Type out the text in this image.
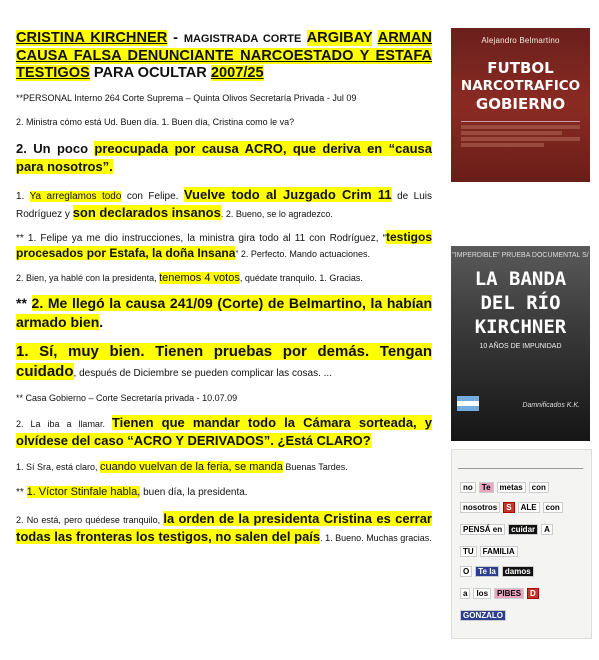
CRISTINA KIRCHNER - MAGISTRADA CORTE ARGIBAY ARMAN CAUSA FALSA DENUNCIANTE NARCOESTADO Y ESTAFA TESTIGOS PARA OCULTAR 2007/25

**PERSONAL Interno 264 Corte Suprema – Quinta Olivos Secretaría Privada - Jul 09

2. Ministra cómo está Ud. Buen día. 1. Buen día, Cristina como le va?

2. Un poco preocupada por causa ACRO, que deriva en “causa para nosotros”.

1. Ya arreglamos todo con Felipe. Vuelve todo al Juzgado Crim 11 de Luis Rodríguez y son declarados insanos. 2. Bueno, se lo agradezco.

** 1. Felipe ya me dio instrucciones, la ministra gira todo al 11 con Rodríguez, “testigos procesados por Estafa, la doña Insana” 2. Perfecto. Mando actuaciones.

2. Bien, ya hablé con la presidenta, tenemos 4 votos, quédate tranquilo. 1. Gracias.

** 2. Me llegó la causa 241/09 (Corte) de Belmartino, la habían armado bien.

1. Sí, muy bien. Tienen pruebas por demás. Tengan cuidado, después de Diciembre se pueden complicar las cosas. ...

** Casa Gobierno – Corte Secretaría privada - 10.07.09

2. La iba a llamar. Tienen que mandar todo la Cámara sorteada, y olvídese del caso “ACRO Y DERIVADOS”. ¿Está CLARO?

1. Sí Sra, está claro, cuando vuelvan de la feria, se manda Buenas Tardes.

** 1. Víctor Stinfale habla, buen día, la presidenta.

2. No está, pero quédese tranquilo, la orden de la presidenta Cristina es cerrar todas las fronteras los testigos, no salen del país. 1. Bueno. Muchas gracias.

Alejandro Belmartino
FUTBOL
NARCOTRAFICO
GOBIERNO
"IMPERDIBLE" PRUEBA DOCUMENTAL S/
LA BANDA
DEL RÍO
KIRCHNER
10 AÑOS DE IMPUNIDAD
Damnificados K.K.
no Te metas con
nosotros S ALE con
PENSÁ en cuidar A
TU FAMILIA
O Te la damos
a los PIBES D
GONZALO
